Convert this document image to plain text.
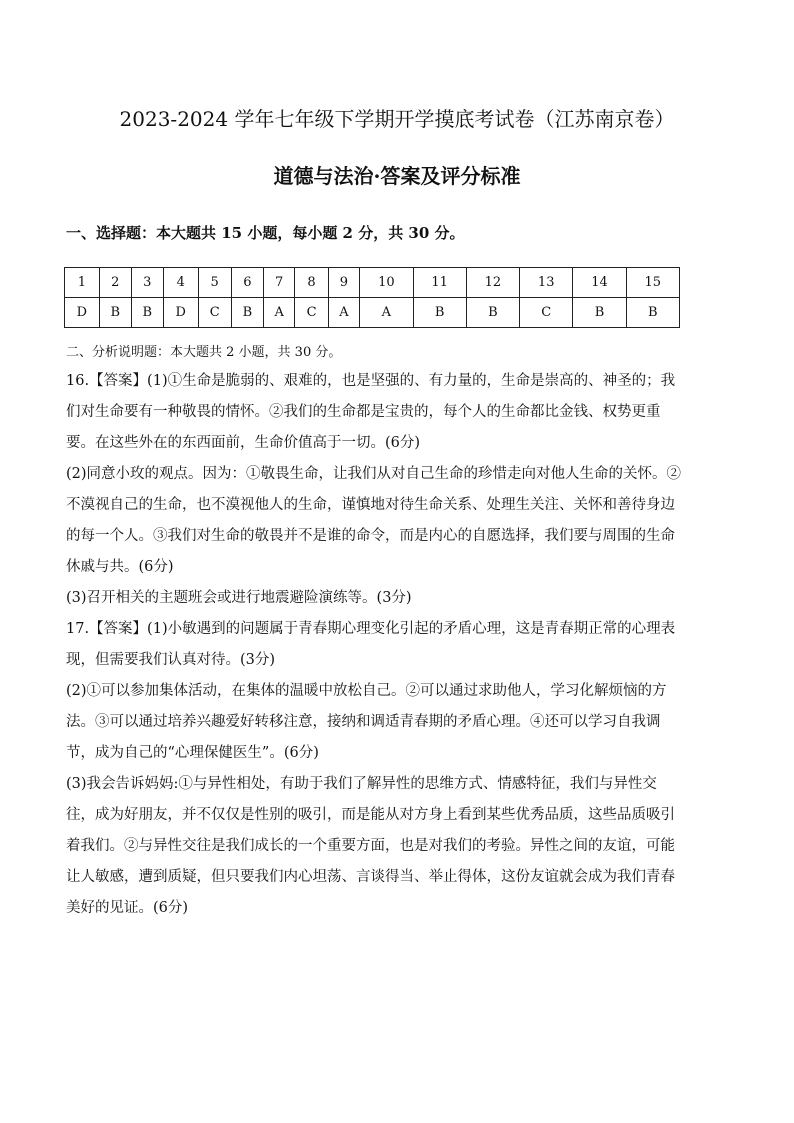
2023-2024 学年七年级下学期开学摸底考试卷（江苏南京卷）
道德与法治·答案及评分标准
一、选择题：本大题共 15 小题，每小题 2 分，共 30 分。
1	2	3	4	5	6	7	8	9	10	11	12	13	14	15
D	B	B	D	C	B	A	C	A	A	B	B	C	B	B
二、分析说明题：本大题共 2 小题，共 30 分。

16.【答案】(1)①生命是脆弱的、艰难的，也是坚强的、有力量的，生命是崇高的、神圣的；我们对生命要有一种敬畏的情怀。②我们的生命都是宝贵的，每个人的生命都比金钱、权势更重要。在这些外在的东西面前，生命价值高于一切。(6分)

(2)同意小玫的观点。因为：①敬畏生命，让我们从对自己生命的珍惜走向对他人生命的关怀。②不漠视自己的生命，也不漠视他人的生命，谨慎地对待生命关系、处理生关注、关怀和善待身边的每一个人。③我们对生命的敬畏并不是谁的命令，而是内心的自愿选择，我们要与周围的生命休戚与共。(6分)

(3)召开相关的主题班会或进行地震避险演练等。(3分)

17.【答案】(1)小敏遇到的问题属于青春期心理变化引起的矛盾心理，这是青春期正常的心理表现，但需要我们认真对待。(3分)

(2)①可以参加集体活动，在集体的温暖中放松自己。②可以通过求助他人，学习化解烦恼的方法。③可以通过培养兴趣爱好转移注意，接纳和调适青春期的矛盾心理。④还可以学习自我调节，成为自己的“心理保健医生”。(6分)

(3)我会告诉妈妈:①与异性相处，有助于我们了解异性的思维方式、情感特征，我们与异性交往，成为好朋友，并不仅仅是性别的吸引，而是能从对方身上看到某些优秀品质，这些品质吸引着我们。②与异性交往是我们成长的一个重要方面，也是对我们的考验。异性之间的友谊，可能让人敏感，遭到质疑，但只要我们内心坦荡、言谈得当、举止得体，这份友谊就会成为我们青春美好的见证。(6分)
